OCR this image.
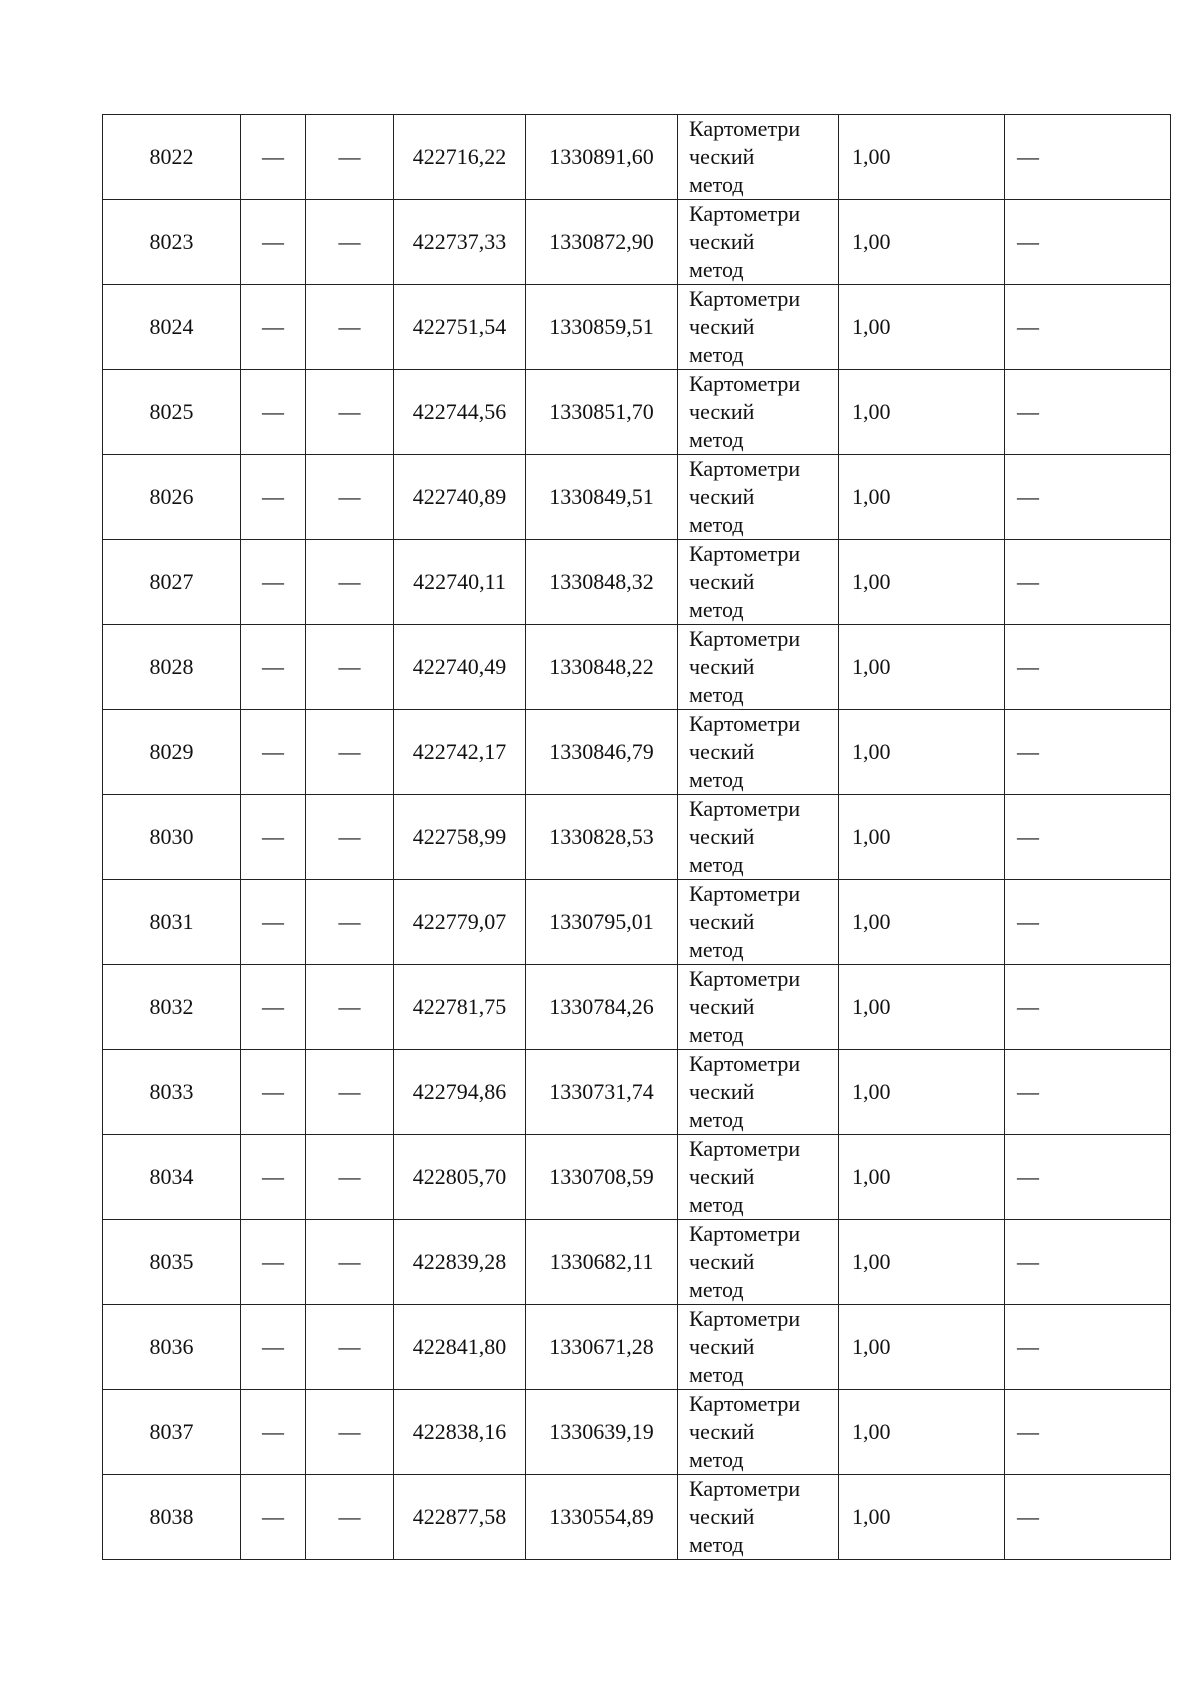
8022	—	—	422716,22	1330891,60	Картометри
ческий
метод	1,00	—
8023	—	—	422737,33	1330872,90	Картометри
ческий
метод	1,00	—
8024	—	—	422751,54	1330859,51	Картометри
ческий
метод	1,00	—
8025	—	—	422744,56	1330851,70	Картометри
ческий
метод	1,00	—
8026	—	—	422740,89	1330849,51	Картометри
ческий
метод	1,00	—
8027	—	—	422740,11	1330848,32	Картометри
ческий
метод	1,00	—
8028	—	—	422740,49	1330848,22	Картометри
ческий
метод	1,00	—
8029	—	—	422742,17	1330846,79	Картометри
ческий
метод	1,00	—
8030	—	—	422758,99	1330828,53	Картометри
ческий
метод	1,00	—
8031	—	—	422779,07	1330795,01	Картометри
ческий
метод	1,00	—
8032	—	—	422781,75	1330784,26	Картометри
ческий
метод	1,00	—
8033	—	—	422794,86	1330731,74	Картометри
ческий
метод	1,00	—
8034	—	—	422805,70	1330708,59	Картометри
ческий
метод	1,00	—
8035	—	—	422839,28	1330682,11	Картометри
ческий
метод	1,00	—
8036	—	—	422841,80	1330671,28	Картометри
ческий
метод	1,00	—
8037	—	—	422838,16	1330639,19	Картометри
ческий
метод	1,00	—
8038	—	—	422877,58	1330554,89	Картометри
ческий
метод	1,00	—
